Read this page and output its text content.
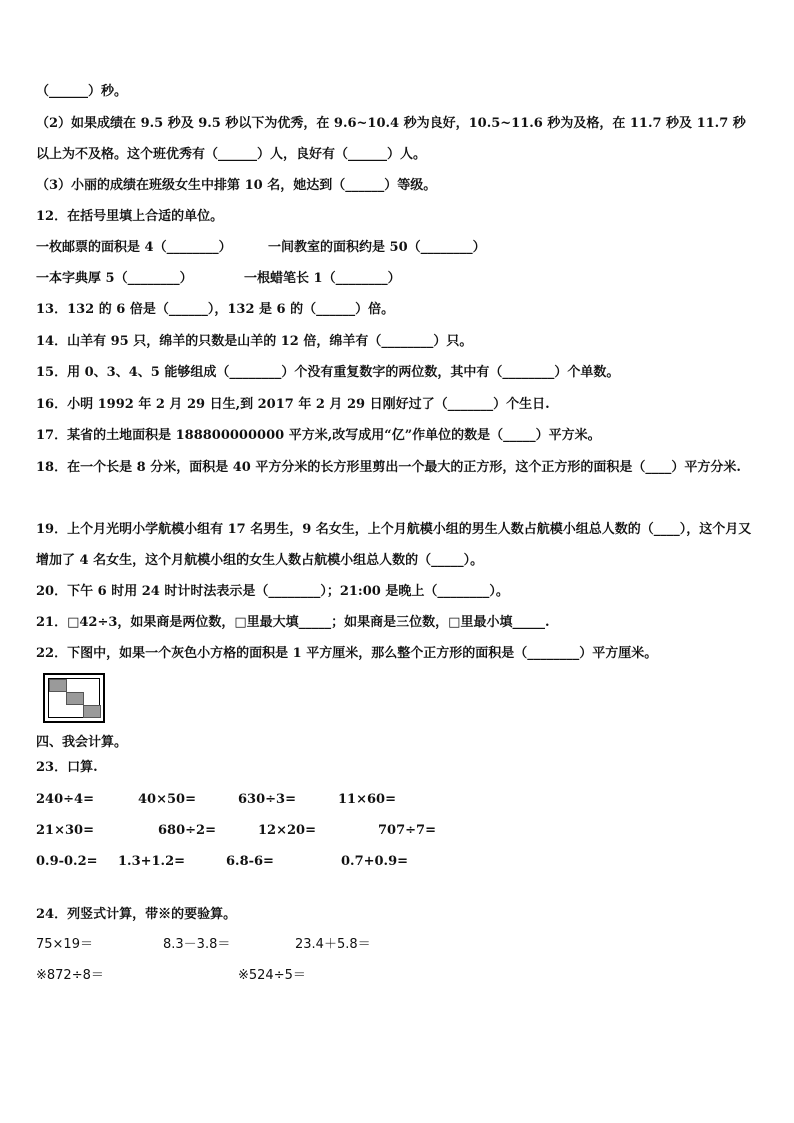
（______）秒。
（2）如果成绩在 9.5 秒及 9.5 秒以下为优秀，在 9.6~10.4 秒为良好，10.5~11.6 秒为及格，在 11.7 秒及 11.7 秒以上为不及格。这个班优秀有（______）人，良好有（______）人。
（3）小丽的成绩在班级女生中排第 10 名，她达到（______）等级。
12．在括号里填上合适的单位。
一枚邮票的面积是 4（________）	一间教室的面积约是 50（________）
一本字典厚 5（________）	一根蜡笔长 1（________）
13．132 的 6 倍是（______），132 是 6 的（______）倍。
14．山羊有 95 只，绵羊的只数是山羊的 12 倍，绵羊有（________）只。
15．用 0、3、4、5 能够组成（________）个没有重复数字的两位数，其中有（________）个单数。
16．小明 1992 年 2 月 29 日生,到 2017 年 2 月 29 日刚好过了（_______）个生日.
17．某省的土地面积是 188800000000 平方米,改写成用“亿”作单位的数是（_____）平方米。
18．在一个长是 8 分米，面积是 40 平方分米的长方形里剪出一个最大的正方形，这个正方形的面积是（____）平方分米.
19．上个月光明小学航模小组有 17 名男生，9 名女生，上个月航模小组的男生人数占航模小组总人数的（____），这个月又增加了 4 名女生，这个月航模小组的女生人数占航模小组总人数的（_____）。
20．下午 6 时用 24 时计时法表示是（________）；21:00 是晚上（________）。
21．□42÷3，如果商是两位数，□里最大填_____；如果商是三位数，□里最小填_____.
22．下图中，如果一个灰色小方格的面积是 1 平方厘米，那么整个正方形的面积是（________）平方厘米。
四、我会计算。
23．口算.
240÷4=	40×50=	630÷3=	11×60=
21×30=	680÷2=	12×20=	707÷7=
0.9-0.2= 1.3+1.2=	6.8-6=	0.7+0.9=
24．列竖式计算，带※的要验算。
75×19＝	8.3－3.8＝	23.4＋5.8＝
※872÷8＝	※524÷5＝
